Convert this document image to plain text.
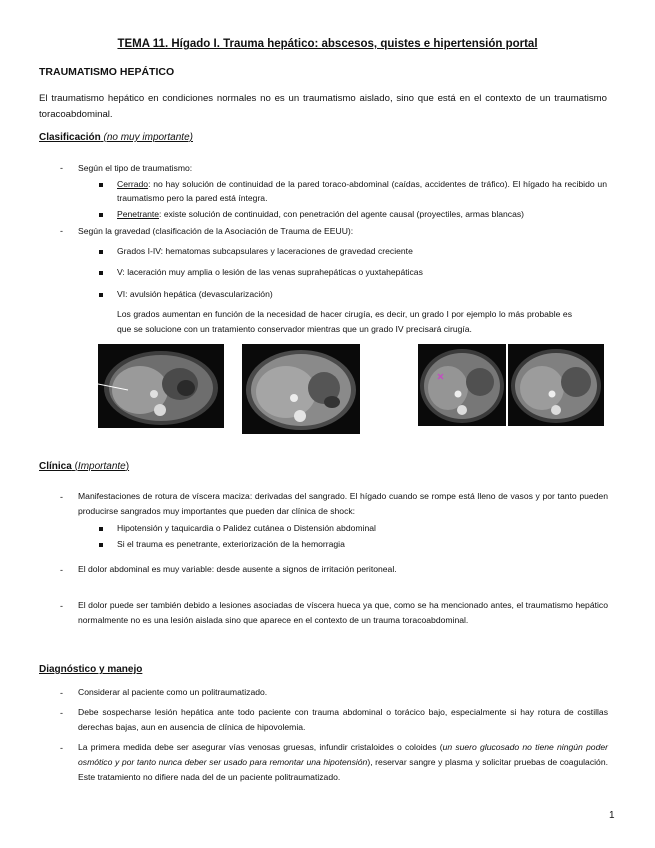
TEMA 11. Hígado I. Trauma hepático: abscesos, quistes e hipertensión portal
TRAUMATISMO HEPÁTICO
El traumatismo hepático en condiciones normales no es un traumatismo aislado, sino que está en el contexto de un traumatismo toracoabdominal.
Clasificación (no muy importante)
- Según el tipo de traumatismo:
Cerrado: no hay solución de continuidad de la pared toraco-abdominal (caídas, accidentes de tráfico). El hígado ha recibido un traumatismo pero la pared está íntegra.
Penetrante: existe solución de continuidad, con penetración del agente causal (proyectiles, armas blancas)
- Según la gravedad (clasificación de la Asociación de Trauma de EEUU):
Grados I-IV: hematomas subcapsulares y laceraciones de gravedad creciente
V: laceración muy amplia o lesión de las venas suprahepáticas o yuxtahepáticas
VI: avulsión hepática (devascularización)
Los grados aumentan en función de la necesidad de hacer cirugía, es decir, un grado I por ejemplo lo más probable es que se solucione con un tratamiento conservador mientras que un grado IV precisará cirugía.
Clínica (Importante)
- Manifestaciones de rotura de víscera maciza: derivadas del sangrado. El hígado cuando se rompe está lleno de vasos y por tanto pueden producirse sangrados muy importantes que pueden dar clínica de shock:
Hipotensión y taquicardia o Palidez cutánea o Distensión abdominal
Si el trauma es penetrante, exteriorización de la hemorragia
- El dolor abdominal es muy variable: desde ausente a signos de irritación peritoneal.
- El dolor puede ser también debido a lesiones asociadas de víscera hueca ya que, como se ha mencionado antes, el traumatismo hepático normalmente no es una lesión aislada sino que aparece en el contexto de un trauma toracoabdominal.
Diagnóstico y manejo
- Considerar al paciente como un politraumatizado.
- Debe sospecharse lesión hepática ante todo paciente con trauma abdominal o torácico bajo, especialmente si hay rotura de costillas derechas bajas, aun en ausencia de clínica de hipovolemia.
- La primera medida debe ser asegurar vías venosas gruesas, infundir cristaloides o coloides (un suero glucosado no tiene ningún poder osmótico y por tanto nunca deber ser usado para remontar una hipotensión), reservar sangre y plasma y solicitar pruebas de coagulación. Este tratamiento no difiere nada del de un paciente politraumatizado.
1
